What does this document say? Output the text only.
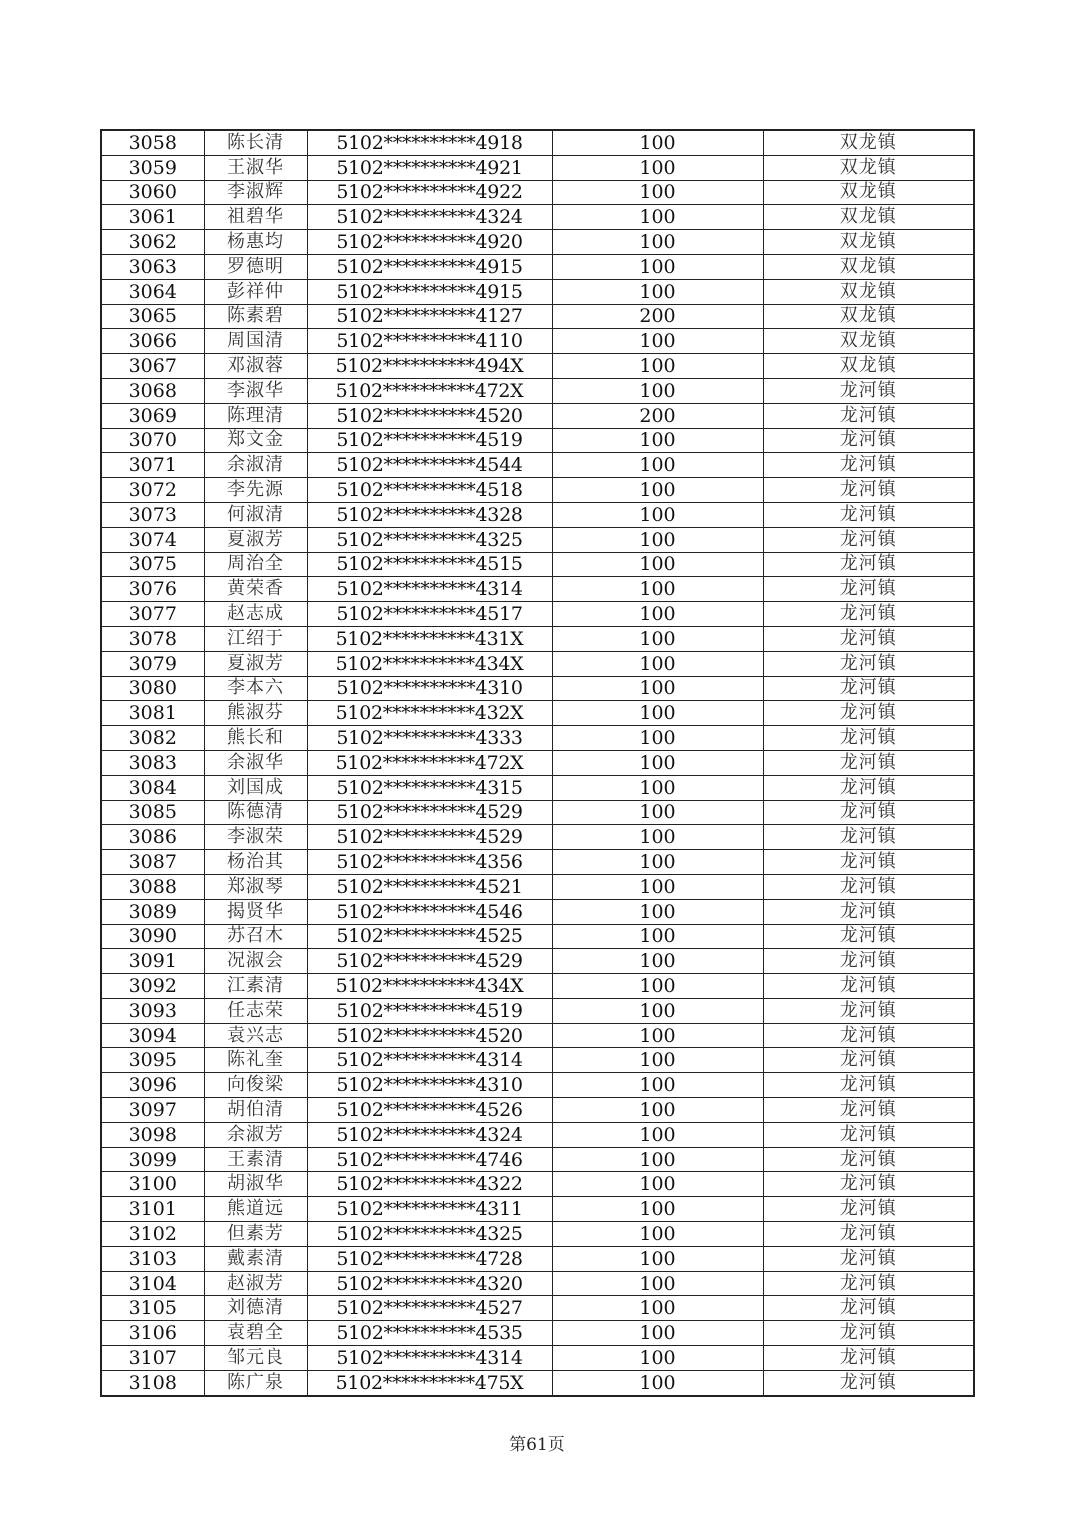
3058	陈长清	5102**********4918	100	双龙镇
3059	王淑华	5102**********4921	100	双龙镇
3060	李淑辉	5102**********4922	100	双龙镇
3061	祖碧华	5102**********4324	100	双龙镇
3062	杨惠均	5102**********4920	100	双龙镇
3063	罗德明	5102**********4915	100	双龙镇
3064	彭祥仲	5102**********4915	100	双龙镇
3065	陈素碧	5102**********4127	200	双龙镇
3066	周国清	5102**********4110	100	双龙镇
3067	邓淑蓉	5102**********494X	100	双龙镇
3068	李淑华	5102**********472X	100	龙河镇
3069	陈理清	5102**********4520	200	龙河镇
3070	郑文金	5102**********4519	100	龙河镇
3071	余淑清	5102**********4544	100	龙河镇
3072	李先源	5102**********4518	100	龙河镇
3073	何淑清	5102**********4328	100	龙河镇
3074	夏淑芳	5102**********4325	100	龙河镇
3075	周治全	5102**********4515	100	龙河镇
3076	黄荣香	5102**********4314	100	龙河镇
3077	赵志成	5102**********4517	100	龙河镇
3078	江绍于	5102**********431X	100	龙河镇
3079	夏淑芳	5102**********434X	100	龙河镇
3080	李本六	5102**********4310	100	龙河镇
3081	熊淑芬	5102**********432X	100	龙河镇
3082	熊长和	5102**********4333	100	龙河镇
3083	余淑华	5102**********472X	100	龙河镇
3084	刘国成	5102**********4315	100	龙河镇
3085	陈德清	5102**********4529	100	龙河镇
3086	李淑荣	5102**********4529	100	龙河镇
3087	杨治其	5102**********4356	100	龙河镇
3088	郑淑琴	5102**********4521	100	龙河镇
3089	揭贤华	5102**********4546	100	龙河镇
3090	苏召木	5102**********4525	100	龙河镇
3091	况淑会	5102**********4529	100	龙河镇
3092	江素清	5102**********434X	100	龙河镇
3093	任志荣	5102**********4519	100	龙河镇
3094	袁兴志	5102**********4520	100	龙河镇
3095	陈礼奎	5102**********4314	100	龙河镇
3096	向俊梁	5102**********4310	100	龙河镇
3097	胡伯清	5102**********4526	100	龙河镇
3098	余淑芳	5102**********4324	100	龙河镇
3099	王素清	5102**********4746	100	龙河镇
3100	胡淑华	5102**********4322	100	龙河镇
3101	熊道远	5102**********4311	100	龙河镇
3102	但素芳	5102**********4325	100	龙河镇
3103	戴素清	5102**********4728	100	龙河镇
3104	赵淑芳	5102**********4320	100	龙河镇
3105	刘德清	5102**********4527	100	龙河镇
3106	袁碧全	5102**********4535	100	龙河镇
3107	邹元良	5102**********4314	100	龙河镇
3108	陈广泉	5102**********475X	100	龙河镇
第61页
